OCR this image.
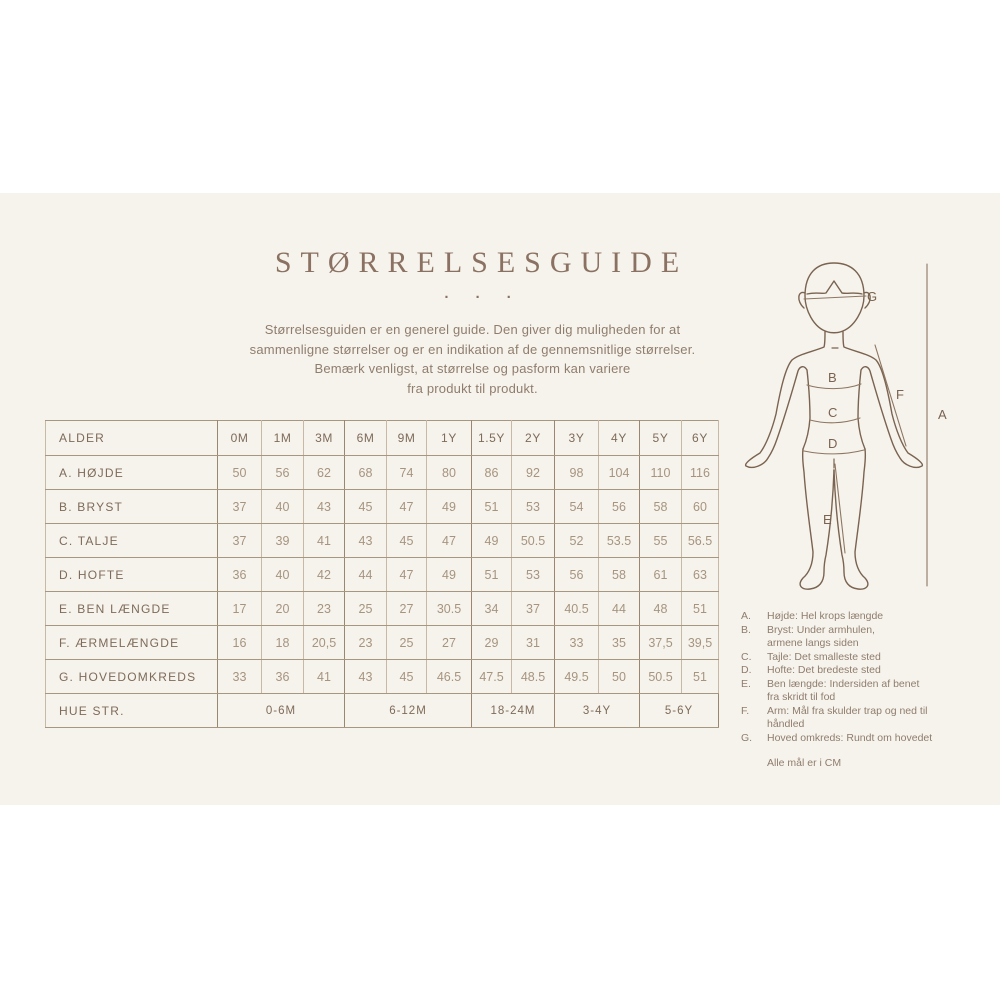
STØRRELSESGUIDE
· · ·
Størrelsesguiden er en generel guide. Den giver dig muligheden for at
sammenligne størrelser og er en indikation af de gennemsnitlige størrelser.
Bemærk venligst, at størrelse og pasform kan variere
fra produkt til produkt.
ALDER	0M	1M	3M	6M	9M	1Y	1.5Y	2Y	3Y	4Y	5Y	6Y
A. HØJDE	50	56	62	68	74	80	86	92	98	104	110	116
B. BRYST	37	40	43	45	47	49	51	53	54	56	58	60
C. TALJE	37	39	41	43	45	47	49	50.5	52	53.5	55	56.5
D. HOFTE	36	40	42	44	47	49	51	53	56	58	61	63
E. BEN LÆNGDE	17	20	23	25	27	30.5	34	37	40.5	44	48	51
F. ÆRMELÆNGDE	16	18	20,5	23	25	27	29	31	33	35	37,5	39,5
G. HOVEDOMKREDS	33	36	41	43	45	46.5	47.5	48.5	49.5	50	50.5	51
HUE STR.	0-6M			6-12M			18-24M		3-4Y		5-6Y	
G
B
C
D
E
F
A
A.	Højde: Hel krops længde
B.	Bryst: Under armhulen,
armene langs siden
C.	Tajle: Det smalleste sted
D.	Hofte: Det bredeste sted
E.	Ben længde: Indersiden af benet
fra skridt til fod
F.	Arm: Mål fra skulder trap og ned til
håndled
G.	Hoved omkreds: Rundt om hovedet
Alle mål er i CM
